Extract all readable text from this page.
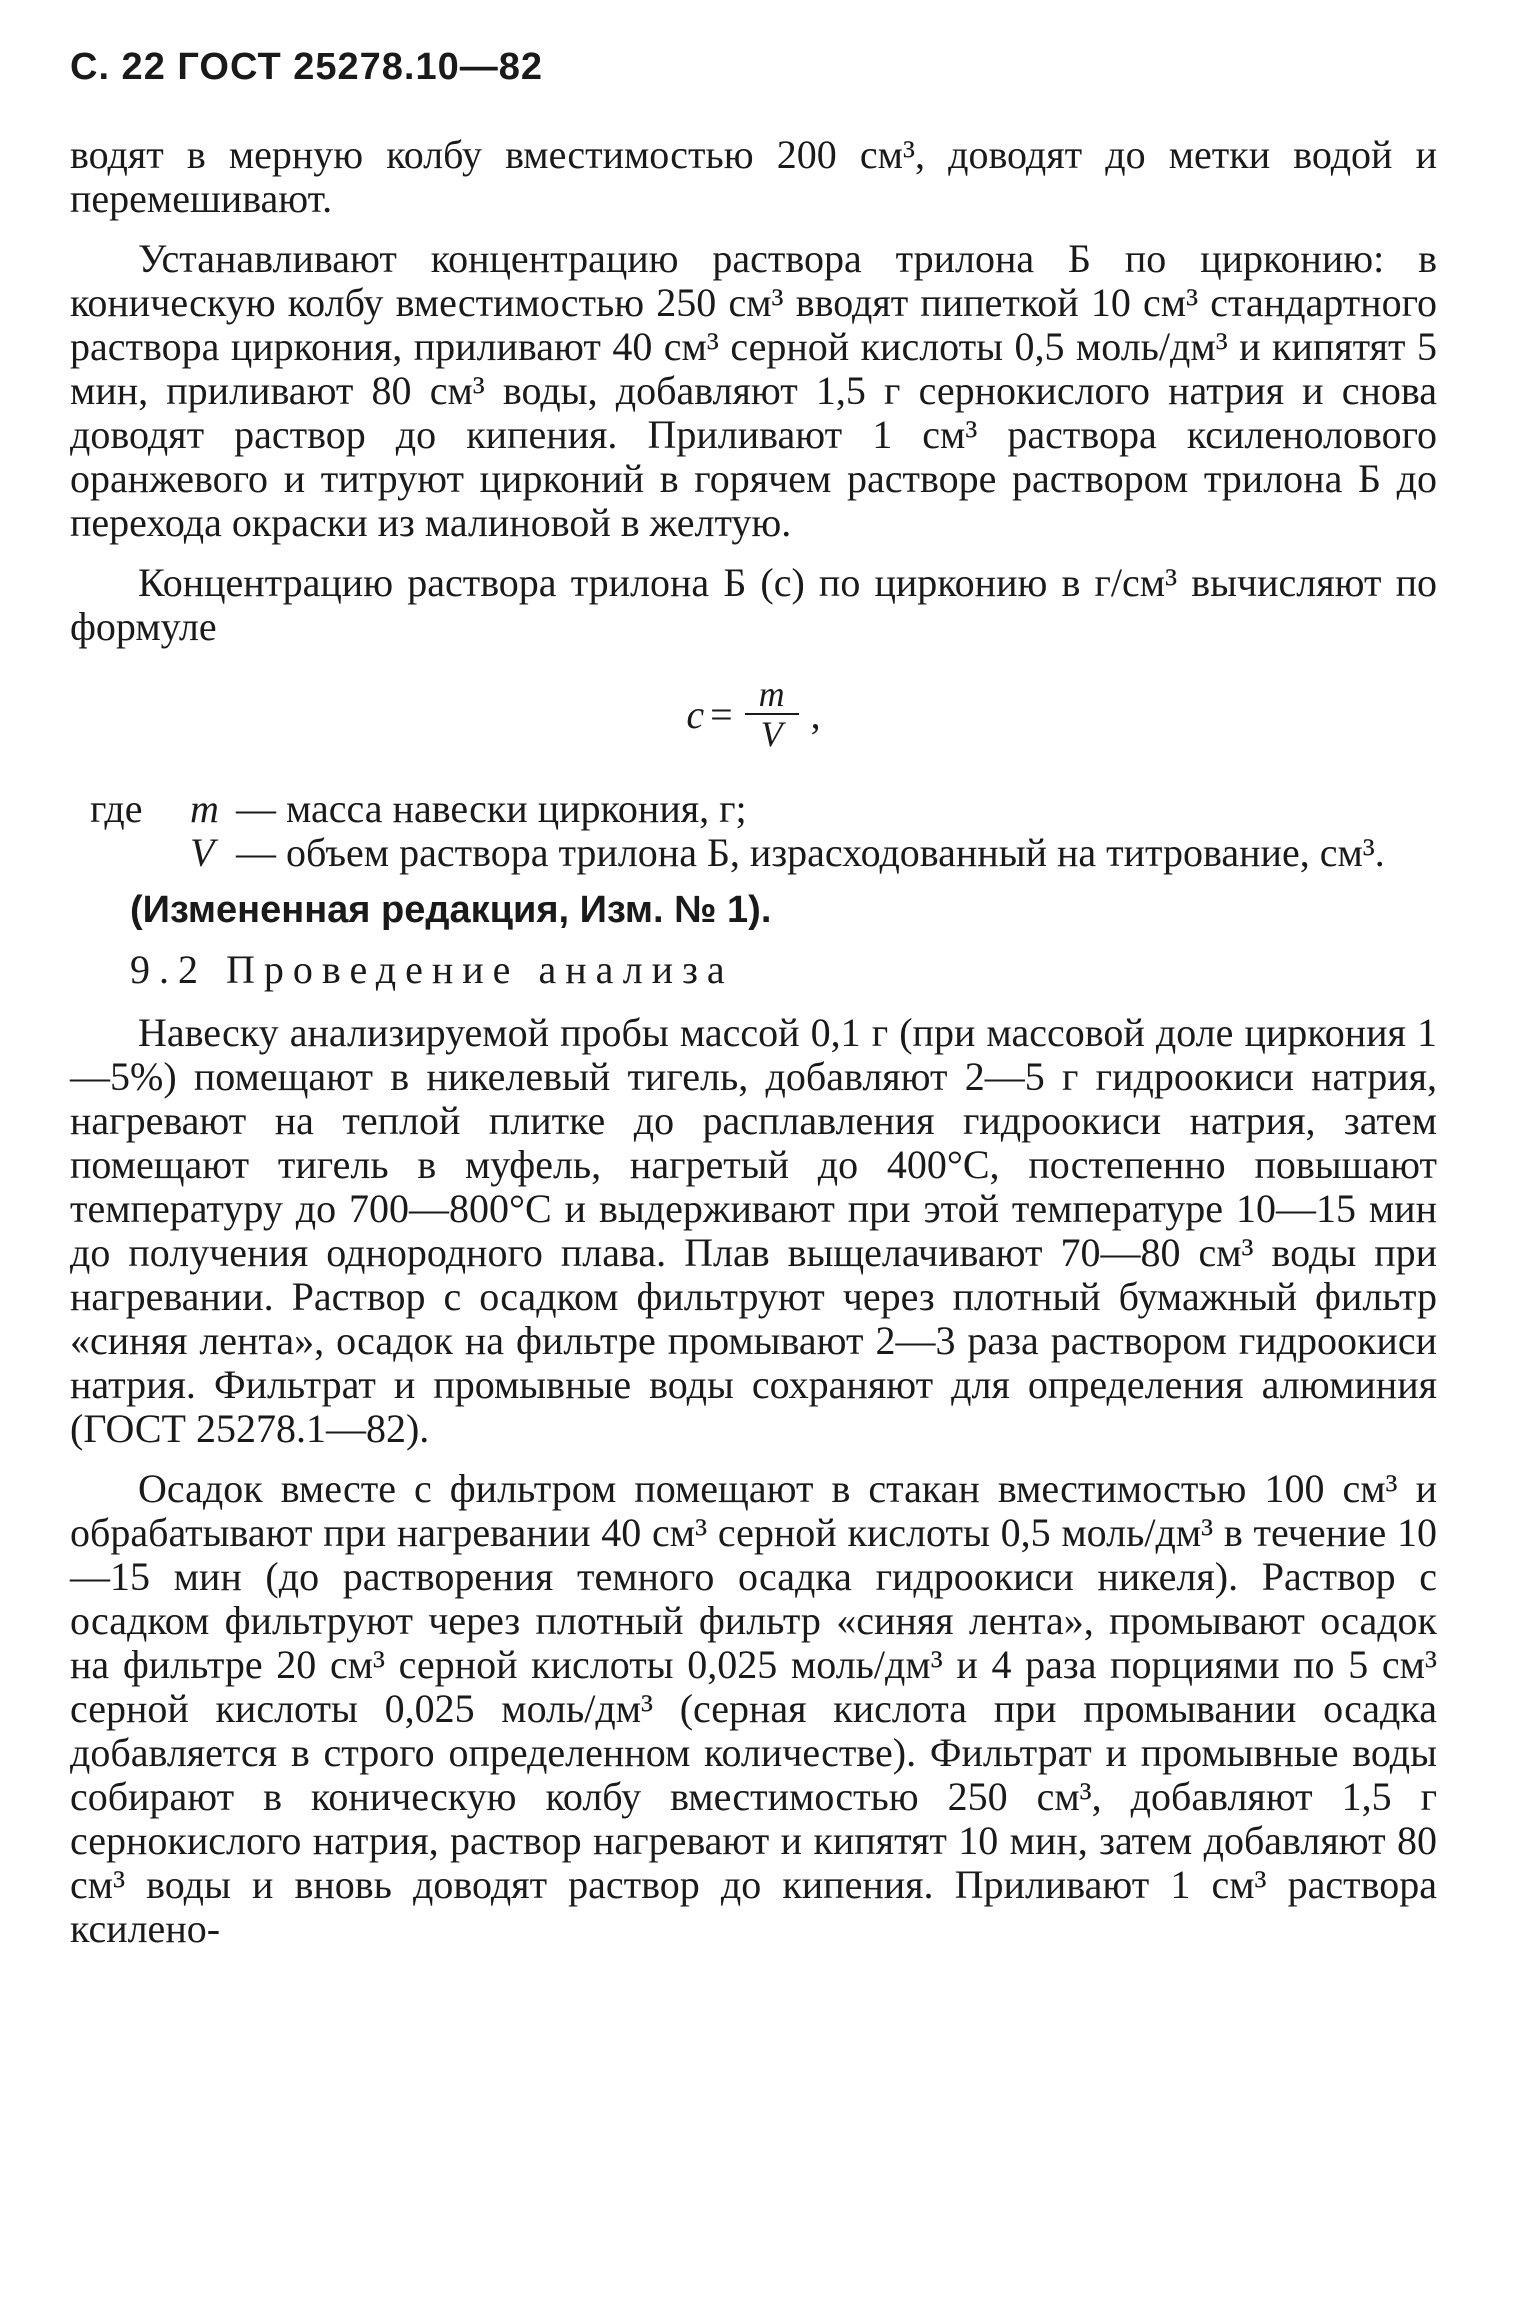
С. 22 ГОСТ 25278.10—82

водят в мерную колбу вместимостью 200 см³, доводят до метки водой и перемешивают.

Устанавливают концентрацию раствора трилона Б по цирконию: в коническую колбу вместимостью 250 см³ вводят пипеткой 10 см³ стандартного раствора циркония, приливают 40 см³ серной кислоты 0,5 моль/дм³ и кипятят 5 мин, приливают 80 см³ воды, добавляют 1,5 г сернокислого натрия и снова доводят раствор до кипения. Приливают 1 см³ раствора ксиленолового оранжевого и титруют цирконий в горячем растворе раствором трилона Б до перехода окраски из малиновой в желтую.

Концентрацию раствора трилона Б (с) по цирконию в г/см³ вычисляют по формуле

$с = \frac{m}{V}$ ,
где	m — масса навески циркония, г;
V — объем раствора трилона Б, израсходованный на титрование, см³.
(Измененная редакция, Изм. № 1).
9.2 Проведение анализа

Навеску анализируемой пробы массой 0,1 г (при массовой доле циркония 1—5%) помещают в никелевый тигель, добавляют 2—5 г гидроокиси натрия, нагревают на теплой плитке до расплавления гидроокиси натрия, затем помещают тигель в муфель, нагретый до 400°С, постепенно повышают температуру до 700—800°С и выдерживают при этой температуре 10—15 мин до получения однородного плава. Плав выщелачивают 70—80 см³ воды при нагревании. Раствор с осадком фильтруют через плотный бумажный фильтр «синяя лента», осадок на фильтре промывают 2—3 раза раствором гидроокиси натрия. Фильтрат и промывные воды сохраняют для определения алюминия (ГОСТ 25278.1—82).

Осадок вместе с фильтром помещают в стакан вместимостью 100 см³ и обрабатывают при нагревании 40 см³ серной кислоты 0,5 моль/дм³ в течение 10—15 мин (до растворения темного осадка гидроокиси никеля). Раствор с осадком фильтруют через плотный фильтр «синяя лента», промывают осадок на фильтре 20 см³ серной кислоты 0,025 моль/дм³ и 4 раза порциями по 5 см³ серной кислоты 0,025 моль/дм³ (серная кислота при промывании осадка добавляется в строго определенном количестве). Фильтрат и промывные воды собирают в коническую колбу вместимостью 250 см³, добавляют 1,5 г сернокислого натрия, раствор нагревают и кипятят 10 мин, затем добавляют 80 см³ воды и вновь доводят раствор до кипения. Приливают 1 см³ раствора ксилено-
